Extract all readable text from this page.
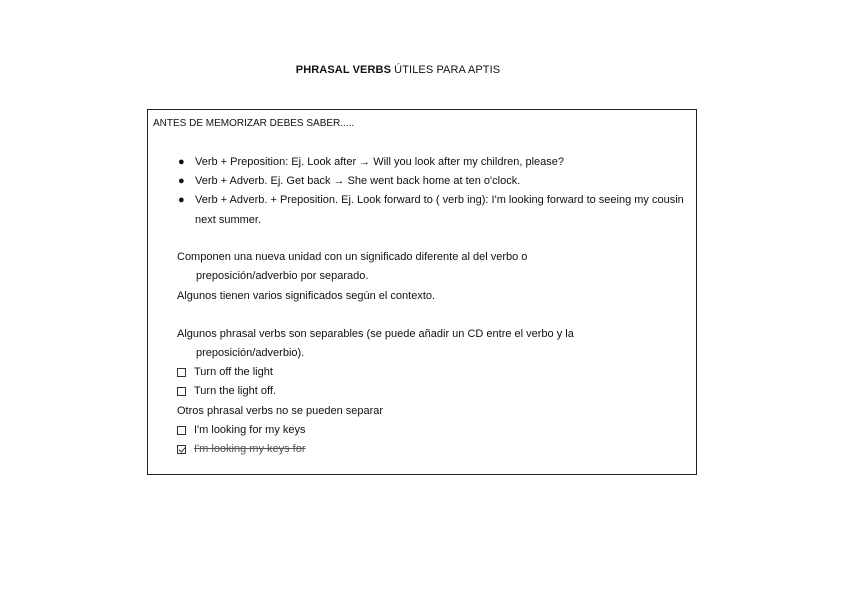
PHRASAL VERBS ÚTILES PARA APTIS
ANTES DE MEMORIZAR DEBES SABER.....
● Verb + Preposition: Ej. Look after → Will you look after my children, please?
● Verb + Adverb. Ej. Get back → She went back home at ten o'clock.
● Verb + Adverb. + Preposition. Ej. Look forward to ( verb ing): I'm looking forward to seeing my cousin next summer.
Componen una nueva unidad con un significado diferente al del verbo o
preposición/adverbio por separado.
Algunos tienen varios significados según el contexto.
Algunos phrasal verbs son separables (se puede añadir un CD entre el verbo y la
preposición/adverbio).
Turn off the light
Turn the light off.
Otros phrasal verbs no se pueden separar
I'm looking for my keys
I'm looking my keys for
